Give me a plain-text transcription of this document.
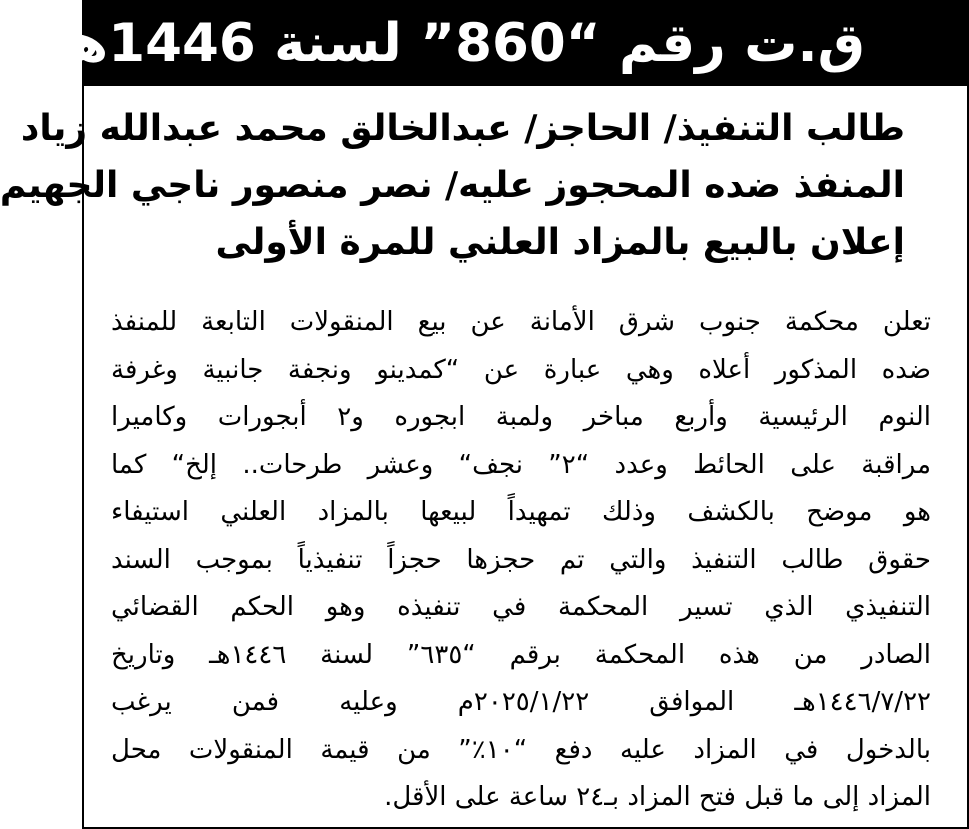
ق.ت رقم “860” لسنة 1446هـ
طالب التنفيذ/ الحاجز/ عبدالخالق محمد عبدالله زياد
المنفذ ضده المحجوز عليه/ نصر منصور ناجي الجهيم
إعلان بالبيع بالمزاد العلني للمرة الأولى
تعلن محكمة جنوب شرق الأمانة عن بيع المنقولات التابعة للمنفذ
ضده المذكور أعلاه وهي عبارة عن “كمدينو ونجفة جانبية وغرفة
النوم الرئيسية وأربع مباخر ولمبة ابجوره و٢ أبجورات وكاميرا
مراقبة على الحائط وعدد “٢” نجف“ وعشر طرحات.. إلخ“ كما
هو موضح بالكشف وذلك تمهيداً لبيعها بالمزاد العلني استيفاء
حقوق طالب التنفيذ والتي تم حجزها حجزاً تنفيذياً بموجب السند
التنفيذي الذي تسير المحكمة في تنفيذه وهو الحكم القضائي
الصادر من هذه المحكمة برقم “٦٣٥” لسنة ١٤٤٦هـ وتاريخ
١٤٤٦/٧/٢٢هـ الموافق ٢٠٢٥/١/٢٢م وعليه فمن يرغب
بالدخول في المزاد عليه دفع “١٠٪” من قيمة المنقولات محل
المزاد إلى ما قبل فتح المزاد بـ٢٤ ساعة على الأقل.
